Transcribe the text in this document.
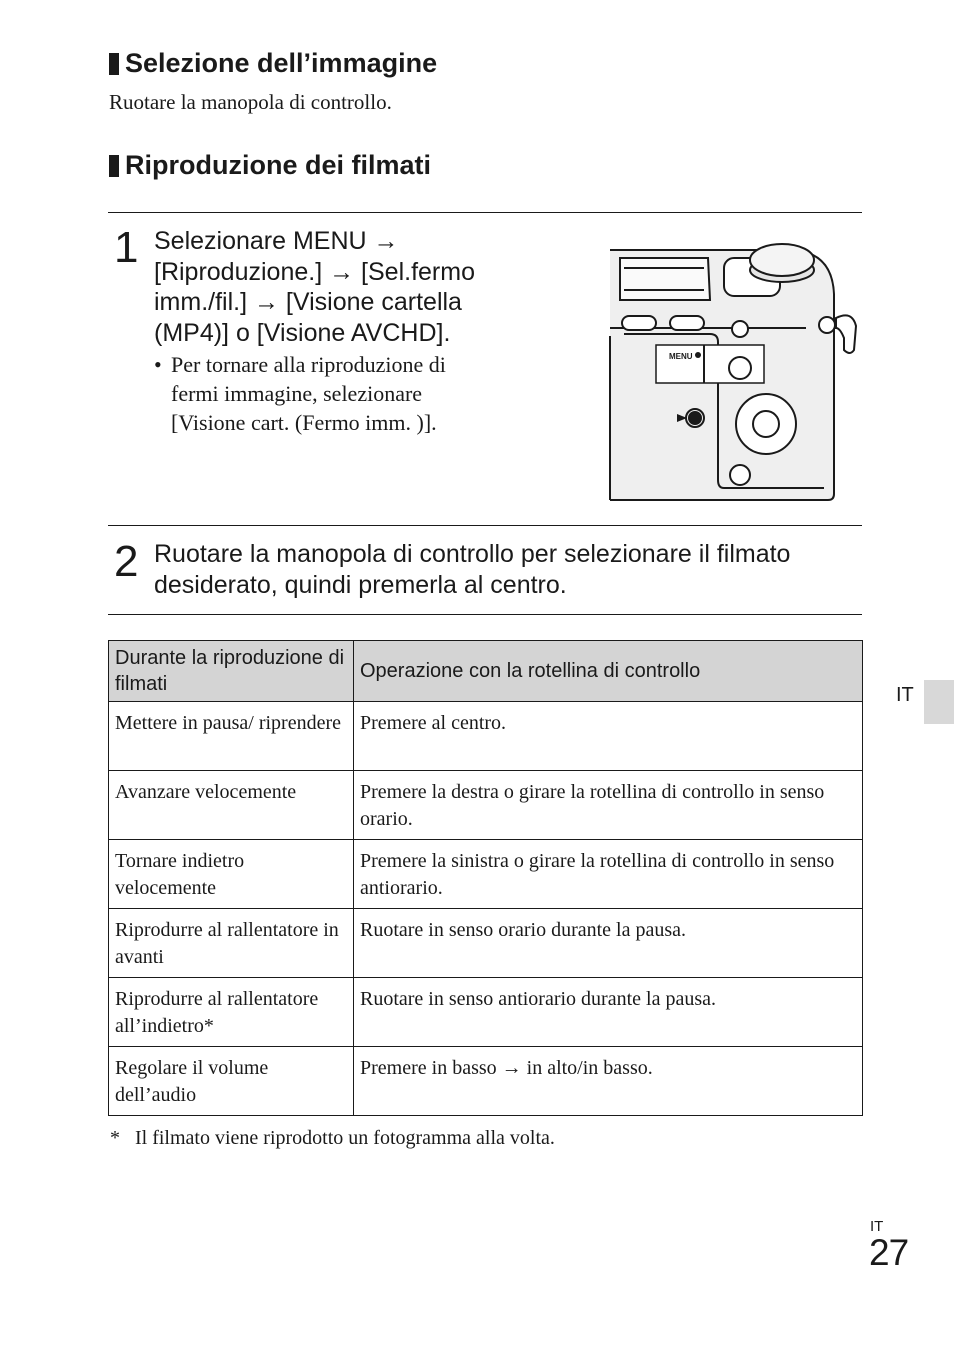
Selezione dell’immagine
Ruotare la manopola di controllo.
Riproduzione dei filmati
1 Selezionare MENU →
[Riproduzione.] → [Sel.fermo
imm./fil.] → [Visione cartella
(MP4)] o [Visione AVCHD].
• Per tornare alla riproduzione di
fermi immagine, selezionare
[Visione cart. (Fermo imm. )].
MENU
2 Ruotare la manopola di controllo per selezionare il filmato
desiderato, quindi premerla al centro.
Durante la riproduzione di filmati	Operazione con la rotellina di controllo
Mettere in pausa/ riprendere	Premere al centro.
Avanzare velocemente	Premere la destra o girare la rotellina di controllo in senso orario.
Tornare indietro velocemente	Premere la sinistra o girare la rotellina di controllo in senso antiorario.
Riprodurre al rallentatore in avanti	Ruotare in senso orario durante la pausa.
Riprodurre al rallentatore all’indietro*	Ruotare in senso antiorario durante la pausa.
Regolare il volume dell’audio	Premere in basso → in alto/in basso.
*   Il filmato viene riprodotto un fotogramma alla volta.
IT
IT
27
